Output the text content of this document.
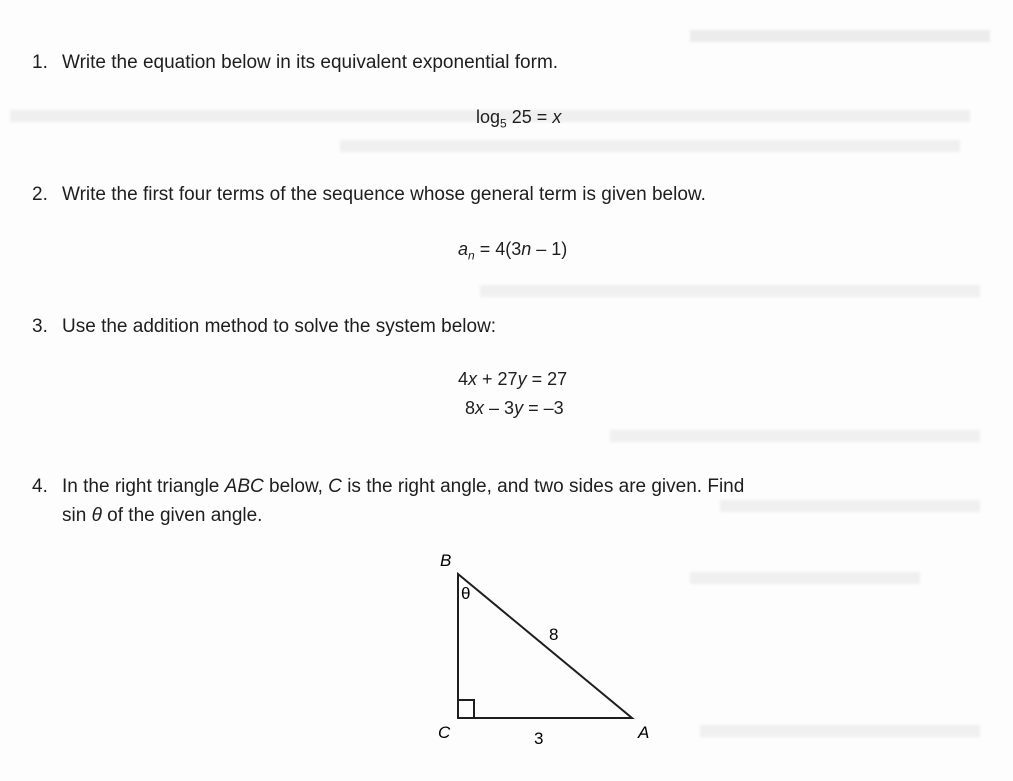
1. Write the equation below in its equivalent exponential form.
$\log_5 25 = x$
2. Write the first four terms of the sequence whose general term is given below.
$a_n = 4(3n - 1)$
3. Use the addition method to solve the system below:
4x + 27y = 27
8x – 3y = –3
4. In the right triangle ABC below, C is the right angle, and two sides are given. Find
sin θ of the given angle.
B
C	A
θ
8
3
